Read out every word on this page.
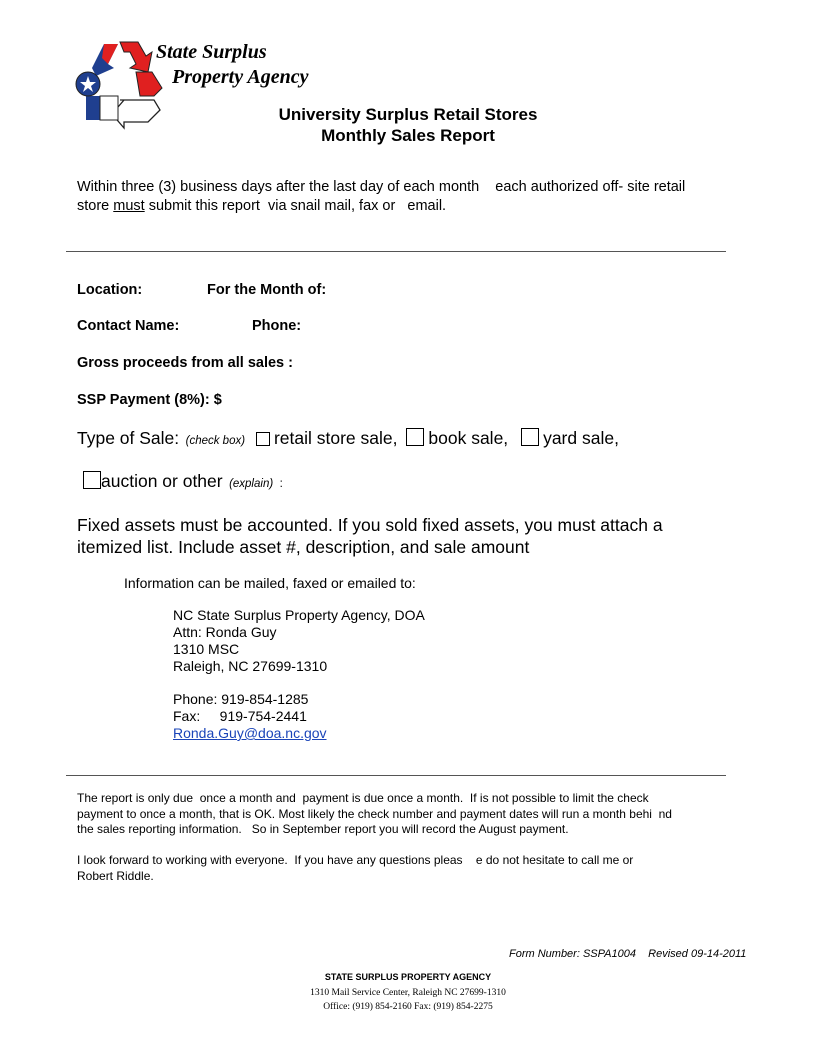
State Surplus
Property Agency
University Surplus Retail Stores
Monthly Sales Report
Within three (3) business days after the last day of each month    each authorized off- site retail
store must submit this report  via snail mail, fax or   email.
Location:	For the Month of:
Contact Name:	Phone:
Gross proceeds from all sales :
SSP Payment (8%): $
Type of Sale: (check box) retail store sale, book sale, yard sale,
auction or other (explain) :
Fixed assets must be accounted. If you sold fixed assets, you must attach a
itemized list. Include asset #, description, and sale amount
Information can be mailed, faxed or emailed to:
NC State Surplus Property Agency, DOA
Attn: Ronda Guy
1310 MSC
Raleigh, NC 27699-1310
Phone: 919-854-1285
Fax:     919-754-2441
Ronda.Guy@doa.nc.gov
The report is only due  once a month and  payment is due once a month.  If is not possible to limit the check
payment to once a month, that is OK. Most likely the check number and payment dates will run a month behi  nd
the sales reporting information.   So in September report you will record the August payment.
I look forward to working with everyone.  If you have any questions pleas    e do not hesitate to call me or
Robert Riddle.
Form Number: SSPA1004    Revised 09-14-2011
STATE SURPLUS PROPERTY AGENCY
1310 Mail Service Center, Raleigh NC 27699-1310
Office: (919) 854-2160 Fax: (919) 854-2275
